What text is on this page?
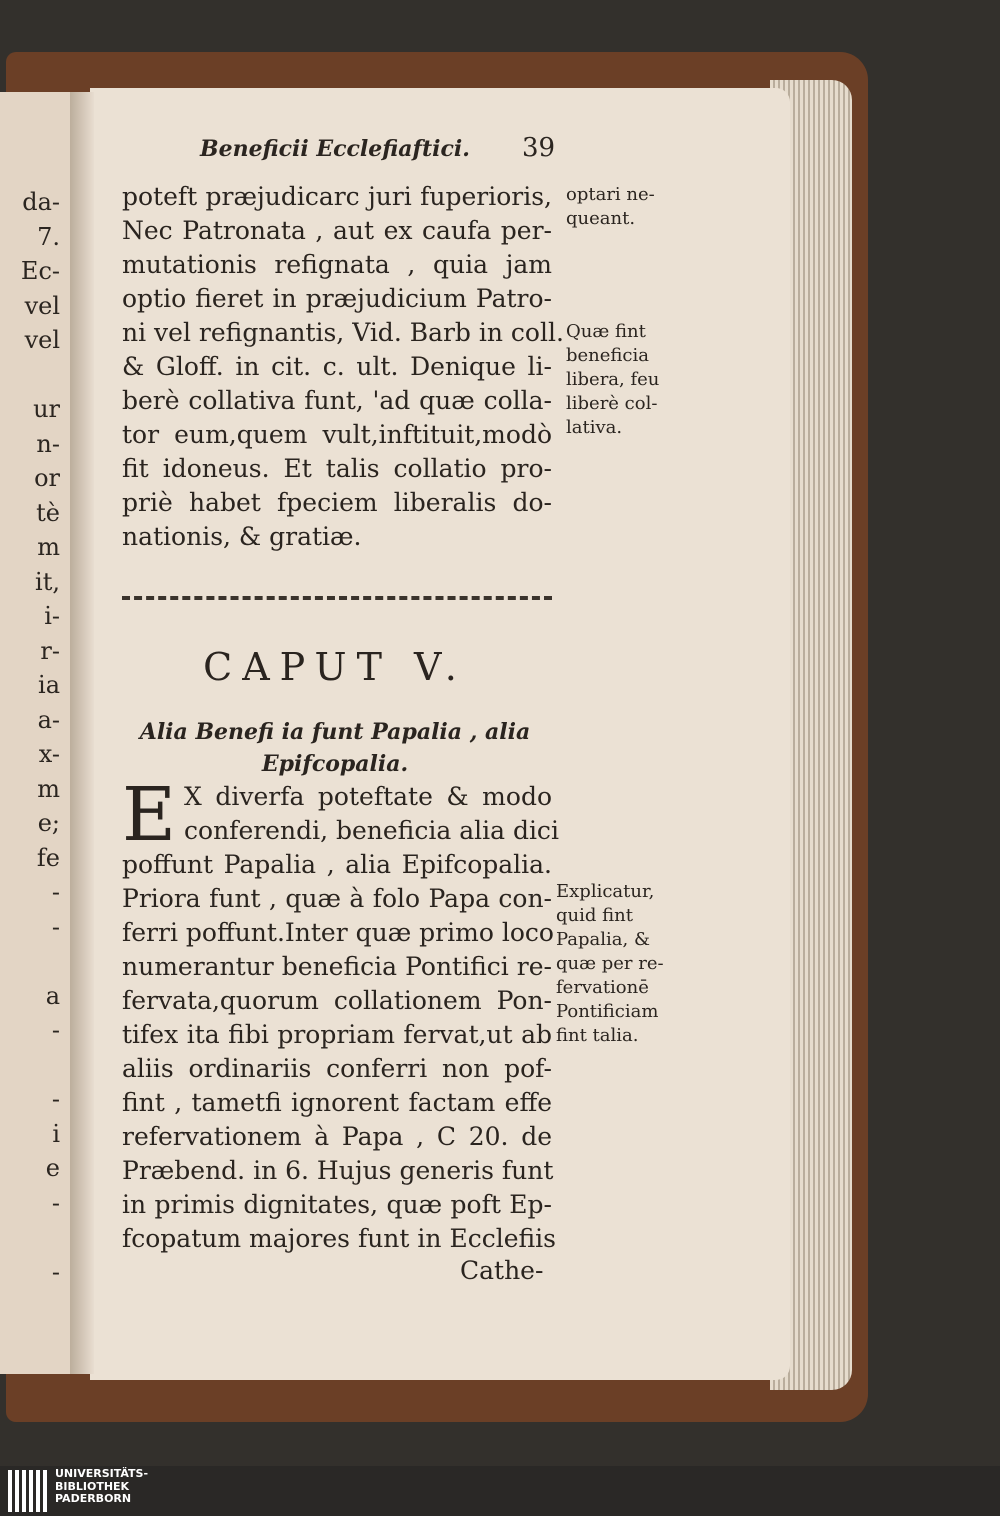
da-
7.
Ec-
vel
vel
ur
n-
or
tè
m
it,
i-
r-
ia
a-
x-
m
e;
fe
-
-
a
-
-
i
e
-
-
Beneficii Ecclefiaftici. 39
poteft præjudicarc juri fuperioris,
Nec Patronata , aut ex caufa per-
mutationis refignata , quia jam
optio fieret in præjudicium Patro-
ni vel refignantis, Vid. Barb in coll.
& Gloff. in cit. c. ult. Denique li-
berè collativa funt, 'ad quæ colla-
tor eum,quem vult,inftituit,modò
fit idoneus. Et talis collatio pro-
priè habet fpeciem liberalis do-
nationis, & gratiæ.
optari ne-
queant.
Quæ fint
beneficia
libera, feu
liberè col-
lativa.
CAPUT V.
Alia Benefi ia funt Papalia , alia
Epifcopalia.
E X diverfa poteftate & modo
conferendi, beneficia alia dici
poffunt Papalia , alia Epifcopalia.
Priora funt , quæ à folo Papa con-
ferri poffunt.Inter quæ primo loco
numerantur beneficia Pontifici re-
fervata,quorum collationem Pon-
tifex ita fibi propriam fervat,ut ab
aliis ordinariis conferri non pof-
fint , tametfi ignorent factam effe
refervationem à Papa , C 20. de
Præbend. in 6. Hujus generis funt
in primis dignitates, quæ poft Ep-
fcopatum majores funt in Ecclefiis
Explicatur,
quid fint
Papalia, &
quæ per re-
fervationē
Pontificiam
fint talia.
Cathe-
UNIVERSITÄTS-
BIBLIOTHEK
PADERBORN
